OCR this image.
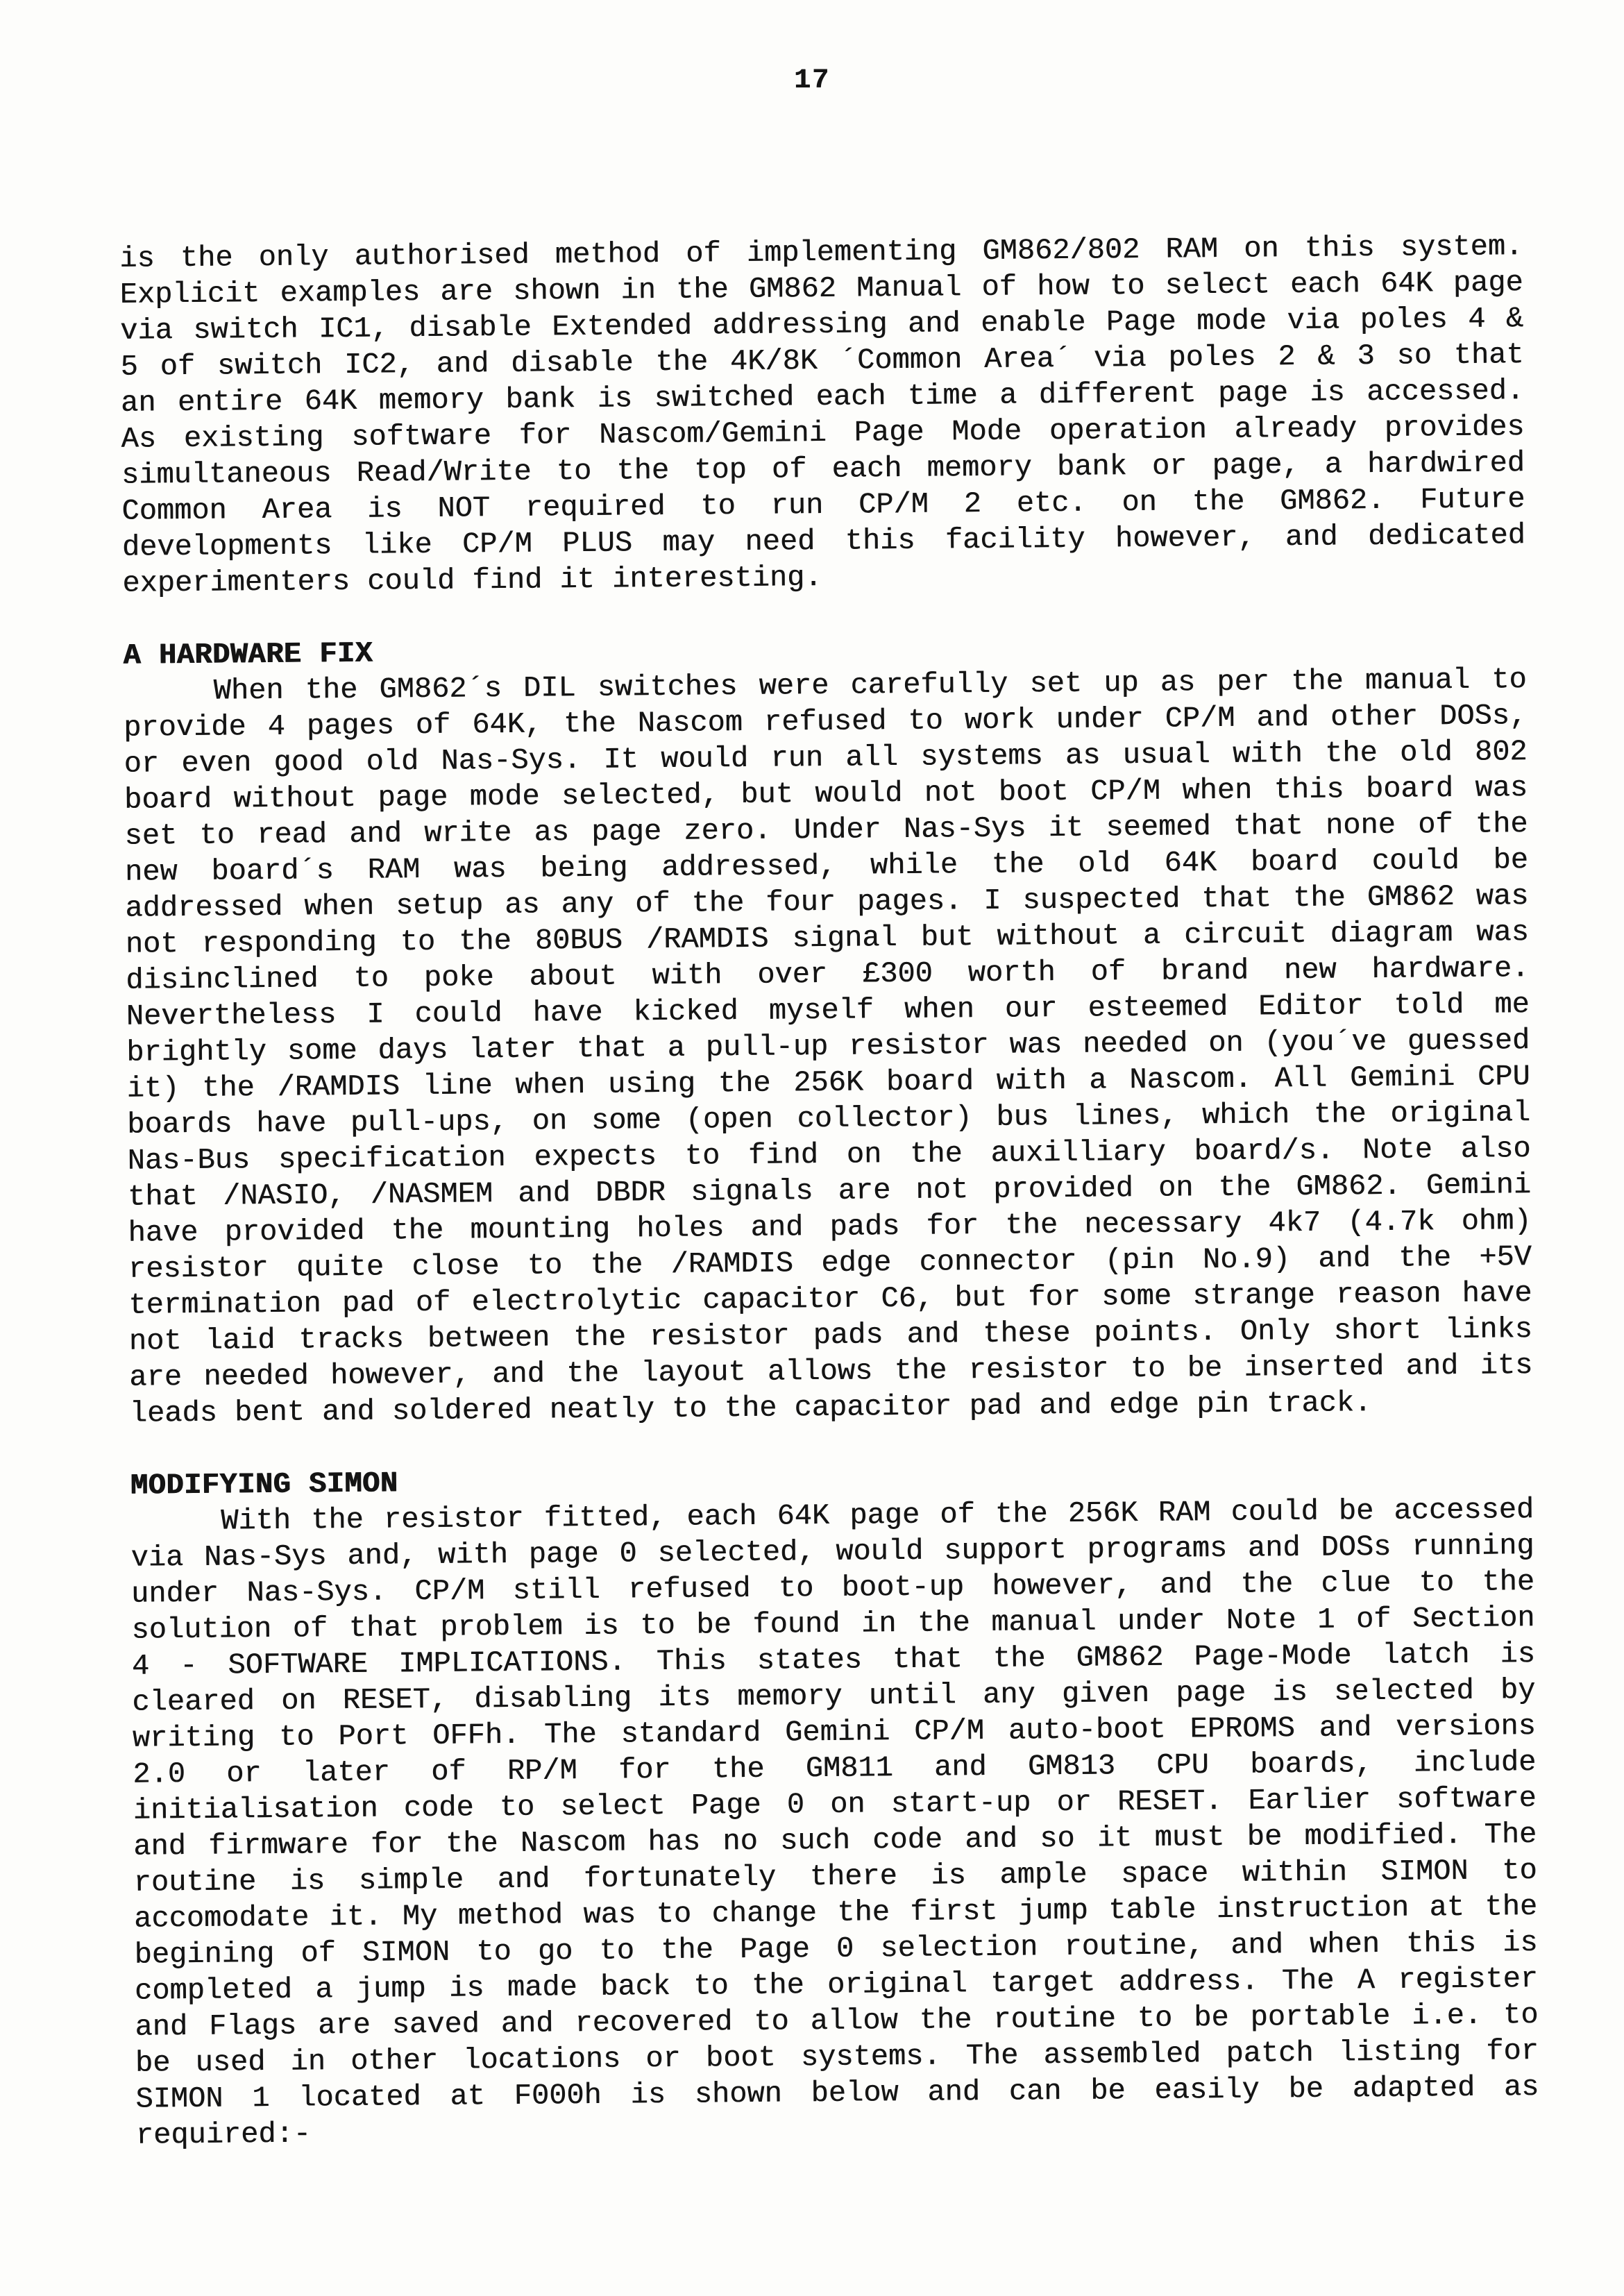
17
is the only authorised method of implementing GM862/802 RAM on this system.
Explicit examples are shown in the GM862 Manual of how to select each 64K page
via switch IC1, disable Extended addressing and enable Page mode via poles 4 &
5 of switch IC2, and disable the 4K/8K ´Common Area´ via poles 2 & 3 so that
an entire 64K memory bank is switched each time a different page is accessed.
As existing software for Nascom/Gemini Page Mode operation already provides
simultaneous Read/Write to the top of each memory bank or page, a hardwired
Common Area is NOT required to run CP/M 2 etc. on the GM862. Future
developments like CP/M PLUS may need this facility however, and dedicated
experimenters could find it interesting.
A HARDWARE FIX
When the GM862´s DIL switches were carefully set up as per the manual to
provide 4 pages of 64K, the Nascom refused to work under CP/M and other DOSs,
or even good old Nas-Sys. It would run all systems as usual with the old 802
board without page mode selected, but would not boot CP/M when this board was
set to read and write as page zero. Under Nas-Sys it seemed that none of the
new board´s RAM was being addressed, while the old 64K board could be
addressed when setup as any of the four pages. I suspected that the GM862 was
not responding to the 80BUS /RAMDIS signal but without a circuit diagram was
disinclined to poke about with over £300 worth of brand new hardware.
Nevertheless I could have kicked myself when our esteemed Editor told me
brightly some days later that a pull-up resistor was needed on (you´ve guessed
it) the /RAMDIS line when using the 256K board with a Nascom. All Gemini CPU
boards have pull-ups, on some (open collector) bus lines, which the original
Nas-Bus specification expects to find on the auxilliary board/s. Note also
that /NASIO, /NASMEM and DBDR signals are not provided on the GM862. Gemini
have provided the mounting holes and pads for the necessary 4k7 (4.7k ohm)
resistor quite close to the /RAMDIS edge connector (pin No.9) and the +5V
termination pad of electrolytic capacitor C6, but for some strange reason have
not laid tracks between the resistor pads and these points. Only short links
are needed however, and the layout allows the resistor to be inserted and its
leads bent and soldered neatly to the capacitor pad and edge pin track.
MODIFYING SIMON
With the resistor fitted, each 64K page of the 256K RAM could be accessed
via Nas-Sys and, with page 0 selected, would support programs and DOSs running
under Nas-Sys. CP/M still refused to boot-up however, and the clue to the
solution of that problem is to be found in the manual under Note 1 of Section
4 - SOFTWARE IMPLICATIONS. This states that the GM862 Page-Mode latch is
cleared on RESET, disabling its memory until any given page is selected by
writing to Port OFFh. The standard Gemini CP/M auto-boot EPROMS and versions
2.0 or later of RP/M for the GM811 and GM813 CPU boards, include
initialisation code to select Page 0 on start-up or RESET. Earlier software
and firmware for the Nascom has no such code and so it must be modified. The
routine is simple and fortunately there is ample space within SIMON to
accomodate it. My method was to change the first jump table instruction at the
begining of SIMON to go to the Page 0 selection routine, and when this is
completed a jump is made back to the original target address. The A register
and Flags are saved and recovered to allow the routine to be portable i.e. to
be used in other locations or boot systems. The assembled patch listing for
SIMON 1 located at F000h is shown below and can be easily be adapted as
required:-
